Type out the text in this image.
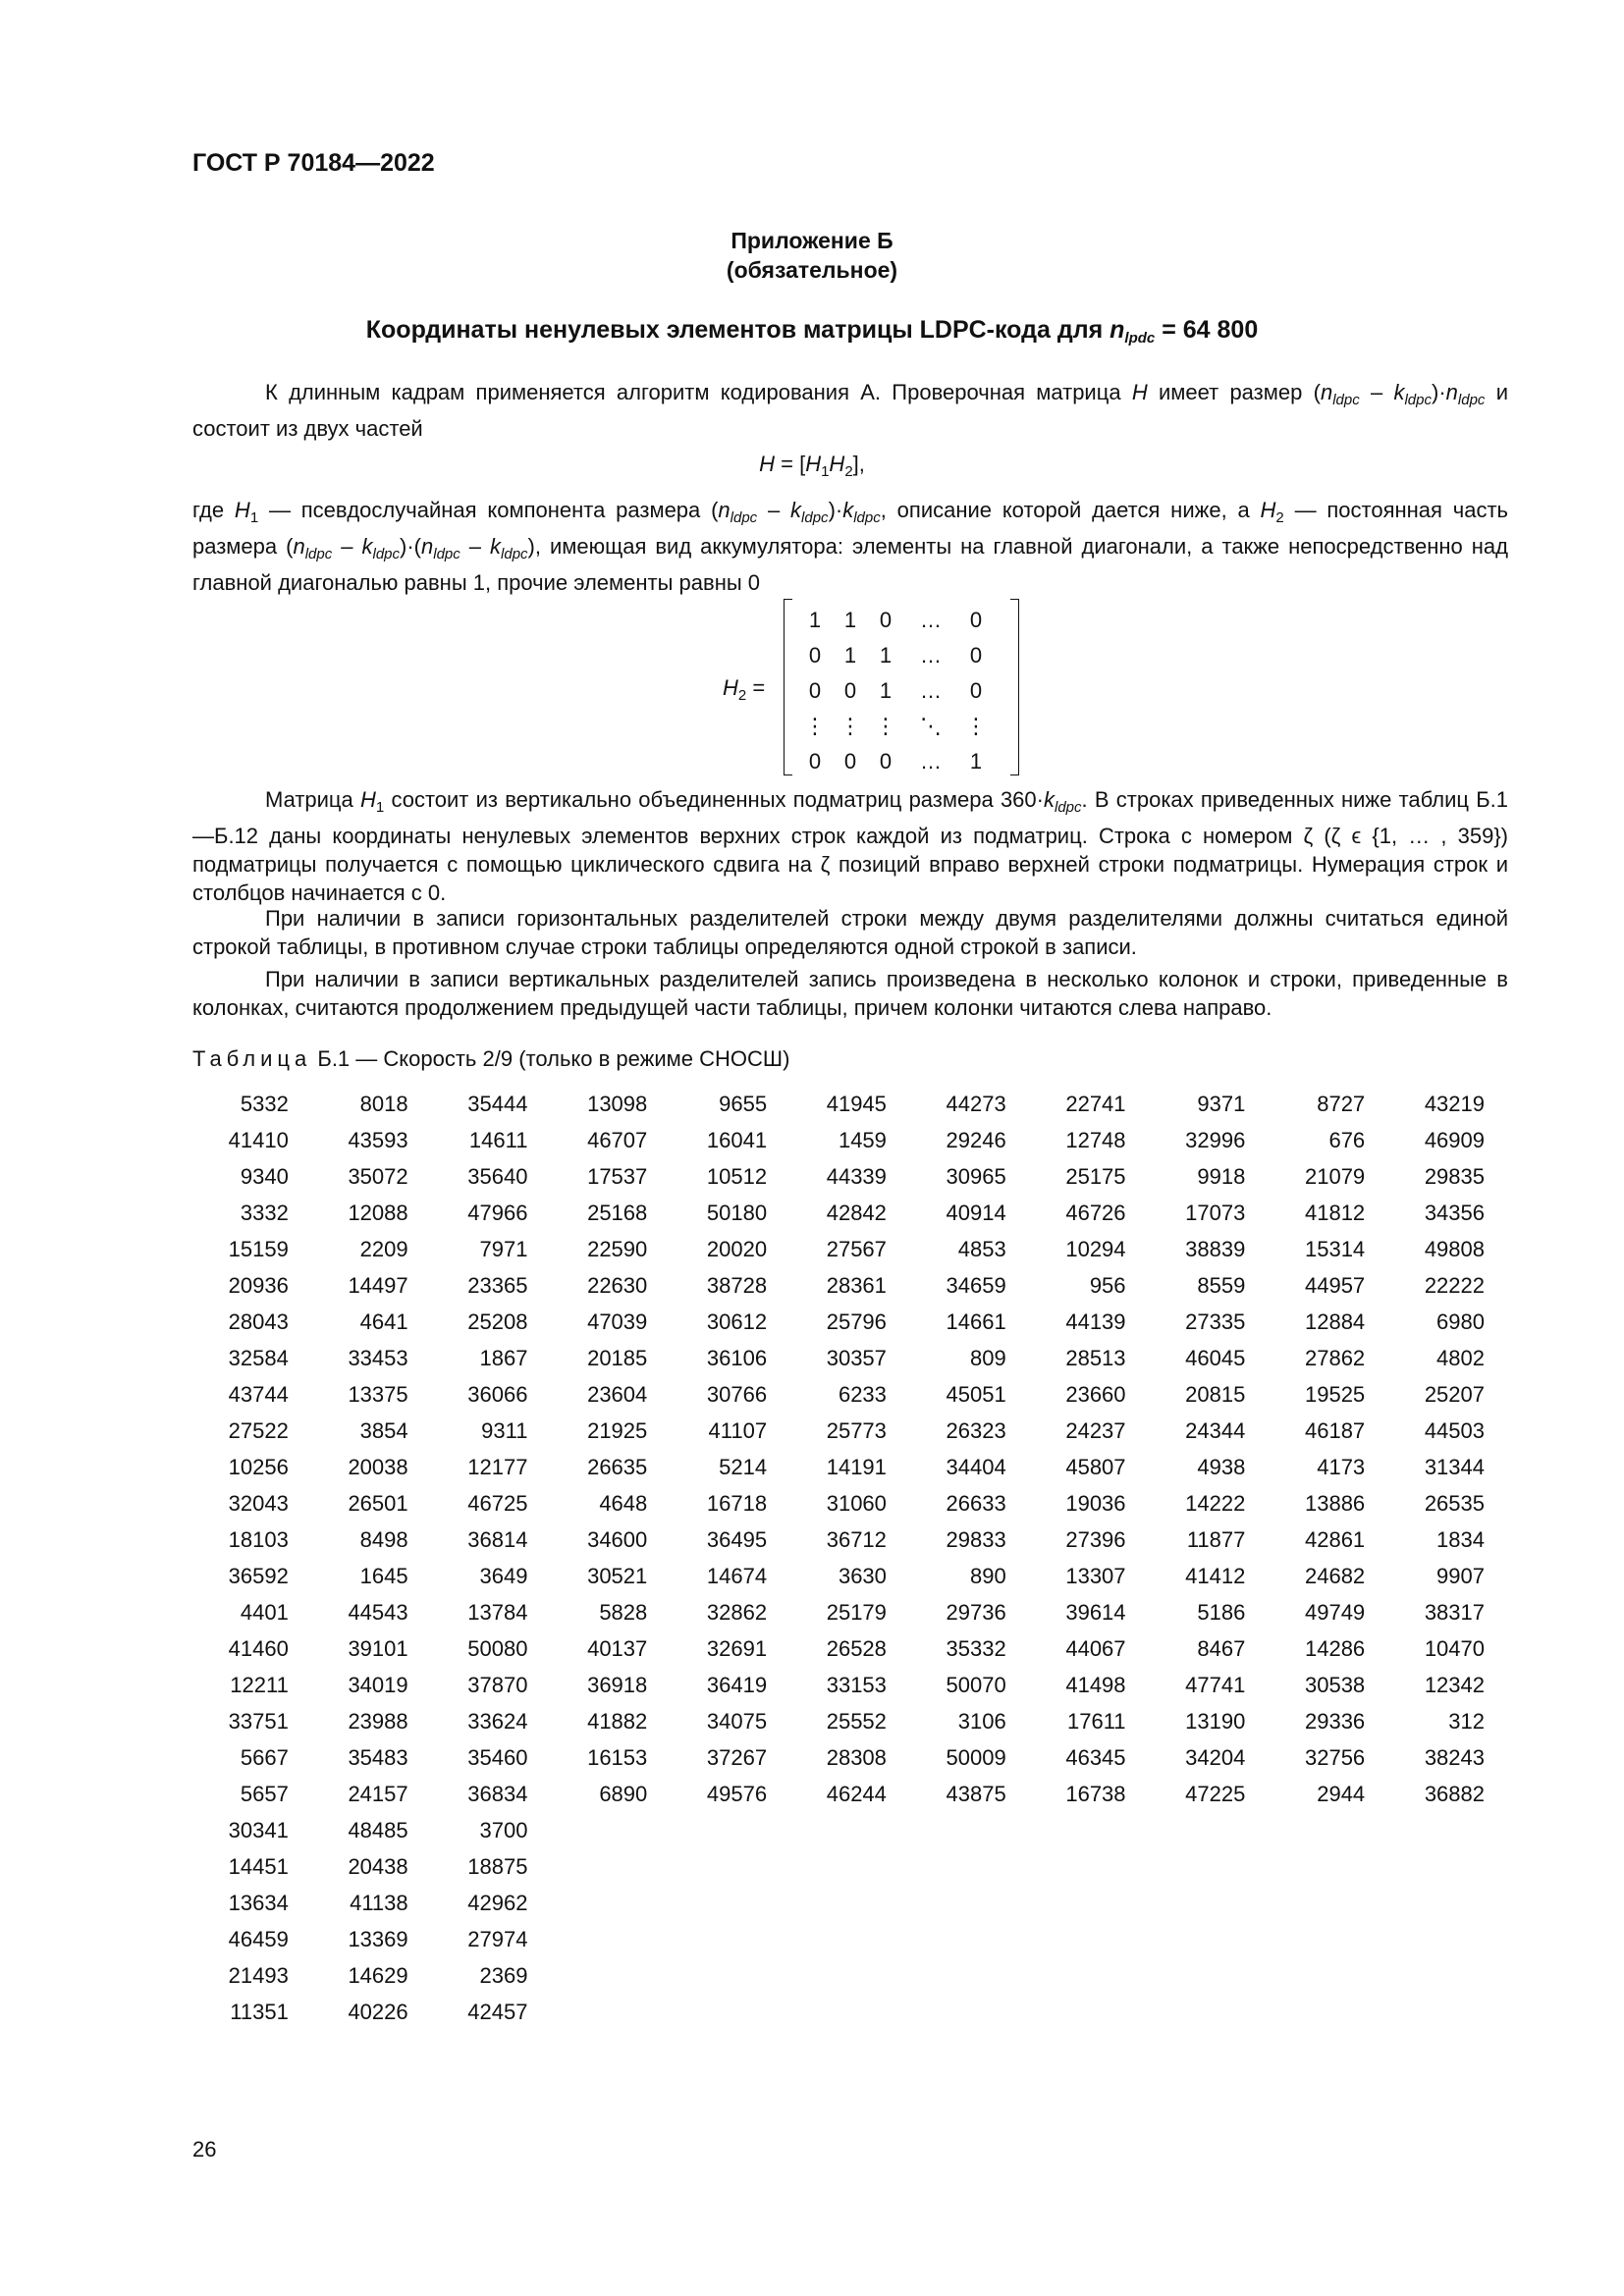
ГОСТ Р 70184—2022
Приложение Б
(обязательное)
Координаты ненулевых элементов матрицы LDPC-кода для $n_{lpdc} = 64$ 800
К длинным кадрам применяется алгоритм кодирования А. Проверочная матрица H имеет размер $(n_{ldpc} - k_{ldpc})\cdot n_{ldpc}$ и состоит из двух частей
$H = [H_1H_2]$,
где $H_1$ — псевдослучайная компонента размера $(n_{ldpc} - k_{ldpc})\cdot k_{ldpc}$, описание которой дается ниже, а $H_2$ — постоянная часть размера $(n_{ldpc} - k_{ldpc})\cdot(n_{ldpc} - k_{ldpc})$, имеющая вид аккумулятора: элементы на главной диагонали, а также непосредственно над главной диагональю равны 1, прочие элементы равны 0
$H_2$ =
1	1	0	…	0
0	1	1	…	0
0	0	1	…	0
⋮ ⋮ ⋮	⋱	⋮
0	0	0	…	1
Матрица $H_1$ состоит из вертикально объединенных подматриц размера $360\cdot k_{ldpc}$. В строках приведенных ниже таблиц Б.1—Б.12 даны координаты ненулевых элементов верхних строк каждой из подматриц. Строка с номером ζ (ζ ϵ {1, … , 359}) подматрицы получается с помощью циклического сдвига на ζ позиций вправо верхней строки подматрицы. Нумерация строк и столбцов начинается с 0.
При наличии в записи горизонтальных разделителей строки между двумя разделителями должны считаться единой строкой таблицы, в противном случае строки таблицы определяются одной строкой в записи.
При наличии в записи вертикальных разделителей запись произведена в несколько колонок и строки, приведенные в колонках, считаются продолжением предыдущей части таблицы, причем колонки читаются слева направо.
Таблица Б.1 — Скорость 2/9 (только в режиме СНОСШ)
5332	8018	35444	13098	9655	41945	44273	22741	9371	8727	43219
41410	43593	14611	46707	16041	1459	29246	12748	32996	676	46909
9340	35072	35640	17537	10512	44339	30965	25175	9918	21079	29835
3332	12088	47966	25168	50180	42842	40914	46726	17073	41812	34356
15159	2209	7971	22590	20020	27567	4853	10294	38839	15314	49808
20936	14497	23365	22630	38728	28361	34659	956	8559	44957	22222
28043	4641	25208	47039	30612	25796	14661	44139	27335	12884	6980
32584	33453	1867	20185	36106	30357	809	28513	46045	27862	4802
43744	13375	36066	23604	30766	6233	45051	23660	20815	19525	25207
27522	3854	9311	21925	41107	25773	26323	24237	24344	46187	44503
10256	20038	12177	26635	5214	14191	34404	45807	4938	4173	31344
32043	26501	46725	4648	16718	31060	26633	19036	14222	13886	26535
18103	8498	36814	34600	36495	36712	29833	27396	11877	42861	1834
36592	1645	3649	30521	14674	3630	890	13307	41412	24682	9907
4401	44543	13784	5828	32862	25179	29736	39614	5186	49749	38317
41460	39101	50080	40137	32691	26528	35332	44067	8467	14286	10470
12211	34019	37870	36918	36419	33153	50070	41498	47741	30538	12342
33751	23988	33624	41882	34075	25552	3106	17611	13190	29336	312
5667	35483	35460	16153	37267	28308	50009	46345	34204	32756	38243
5657	24157	36834	6890	49576	46244	43875	16738	47225	2944	36882
30341	48485	3700
14451	20438	18875
13634	41138	42962
46459	13369	27974
21493	14629	2369
11351	40226	42457
26
